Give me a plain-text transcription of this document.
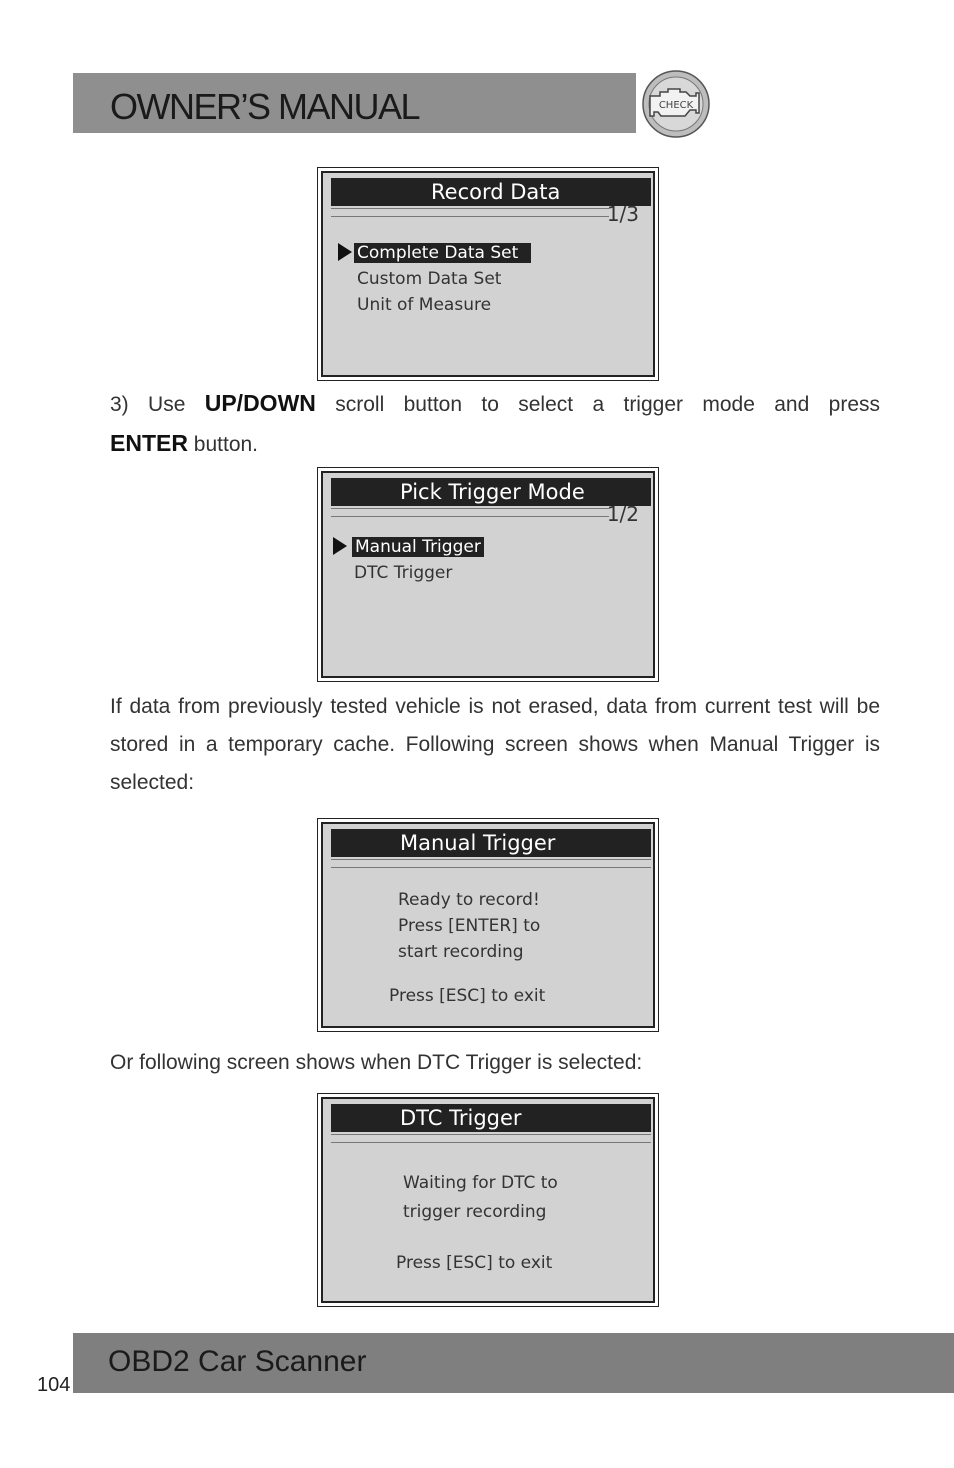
OWNER’S MANUAL	CHECK
Record Data
1/3
Complete Data Set
Custom Data Set
Unit of Measure
3) Use UP/DOWN scroll button to select a trigger mode and press ENTER button.
Pick Trigger Mode
1/2
Manual Trigger
DTC Trigger
If data from previously tested vehicle is not erased, data from current test will be stored in a temporary cache. Following screen shows when Manual Trigger is selected:
Manual Trigger
Ready to record!
Press [ENTER] to
start recording
Press [ESC] to exit
Or following screen shows when DTC Trigger is selected:
DTC Trigger
Waiting for DTC to
trigger recording
Press [ESC] to exit
OBD2 Car Scanner
104
